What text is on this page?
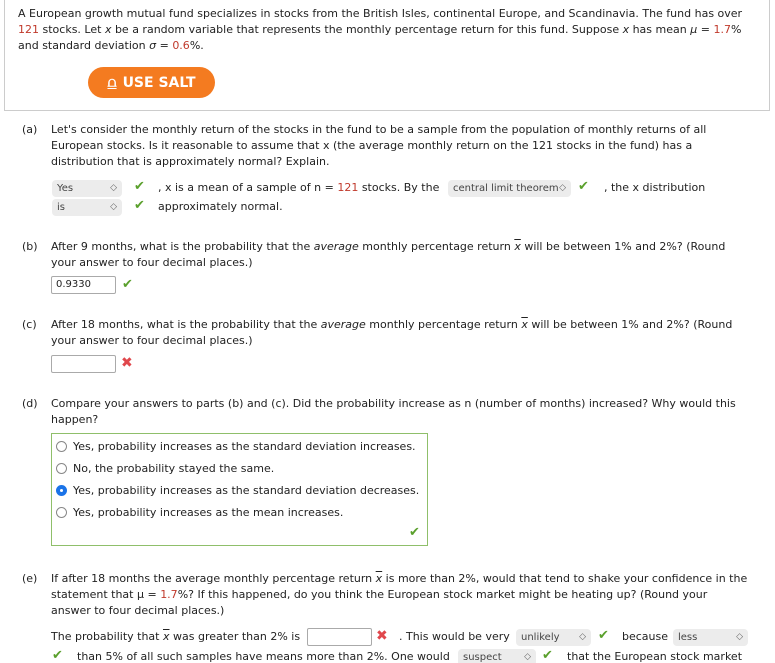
A European growth mutual fund specializes in stocks from the British Isles, continental Europe, and Scandinavia. The fund has over
121 stocks. Let x be a random variable that represents the monthly percentage return for this fund. Suppose x has mean μ = 1.7%
and standard deviation σ = 0.6%.
⩍ USE SALT
(a) Let's consider the monthly return of the stocks in the fund to be a sample from the population of monthly returns of all
European stocks. Is it reasonable to assume that x (the average monthly return on the 121 stocks in the fund) has a
distribution that is approximately normal? Explain.
Yes	◇ ✔ , x is a mean of a sample of n = 121 stocks. By the	central limit theorem ◇ ✔ , the x distribution
is	◇ ✔ approximately normal.
(b) After 9 months, what is the probability that the average monthly percentage return $\overline{x}$ will be between 1% and 2%? (Round
your answer to four decimal places.)
0.9330	✔
(c) After 18 months, what is the probability that the average monthly percentage return $\overline{x}$ will be between 1% and 2%? (Round
your answer to four decimal places.)
✖
(d) Compare your answers to parts (b) and (c). Did the probability increase as n (number of months) increased? Why would this
happen?
Yes, probability increases as the standard deviation increases.
No, the probability stayed the same.
Yes, probability increases as the standard deviation decreases.
Yes, probability increases as the mean increases.
✔
(e) If after 18 months the average monthly percentage return $\overline{x}$ is more than 2%, would that tend to shake your confidence in the
statement that μ = 1.7%? If this happened, do you think the European stock market might be heating up? (Round your
answer to four decimal places.)
The probability that $\overline{x}$ was greater than 2% is	✖ . This would be very	unlikely ◇ ✔ because less	◇
✔ than 5% of all such samples have means more than 2%. One would	suspect ◇ ✔ that the European stock market
